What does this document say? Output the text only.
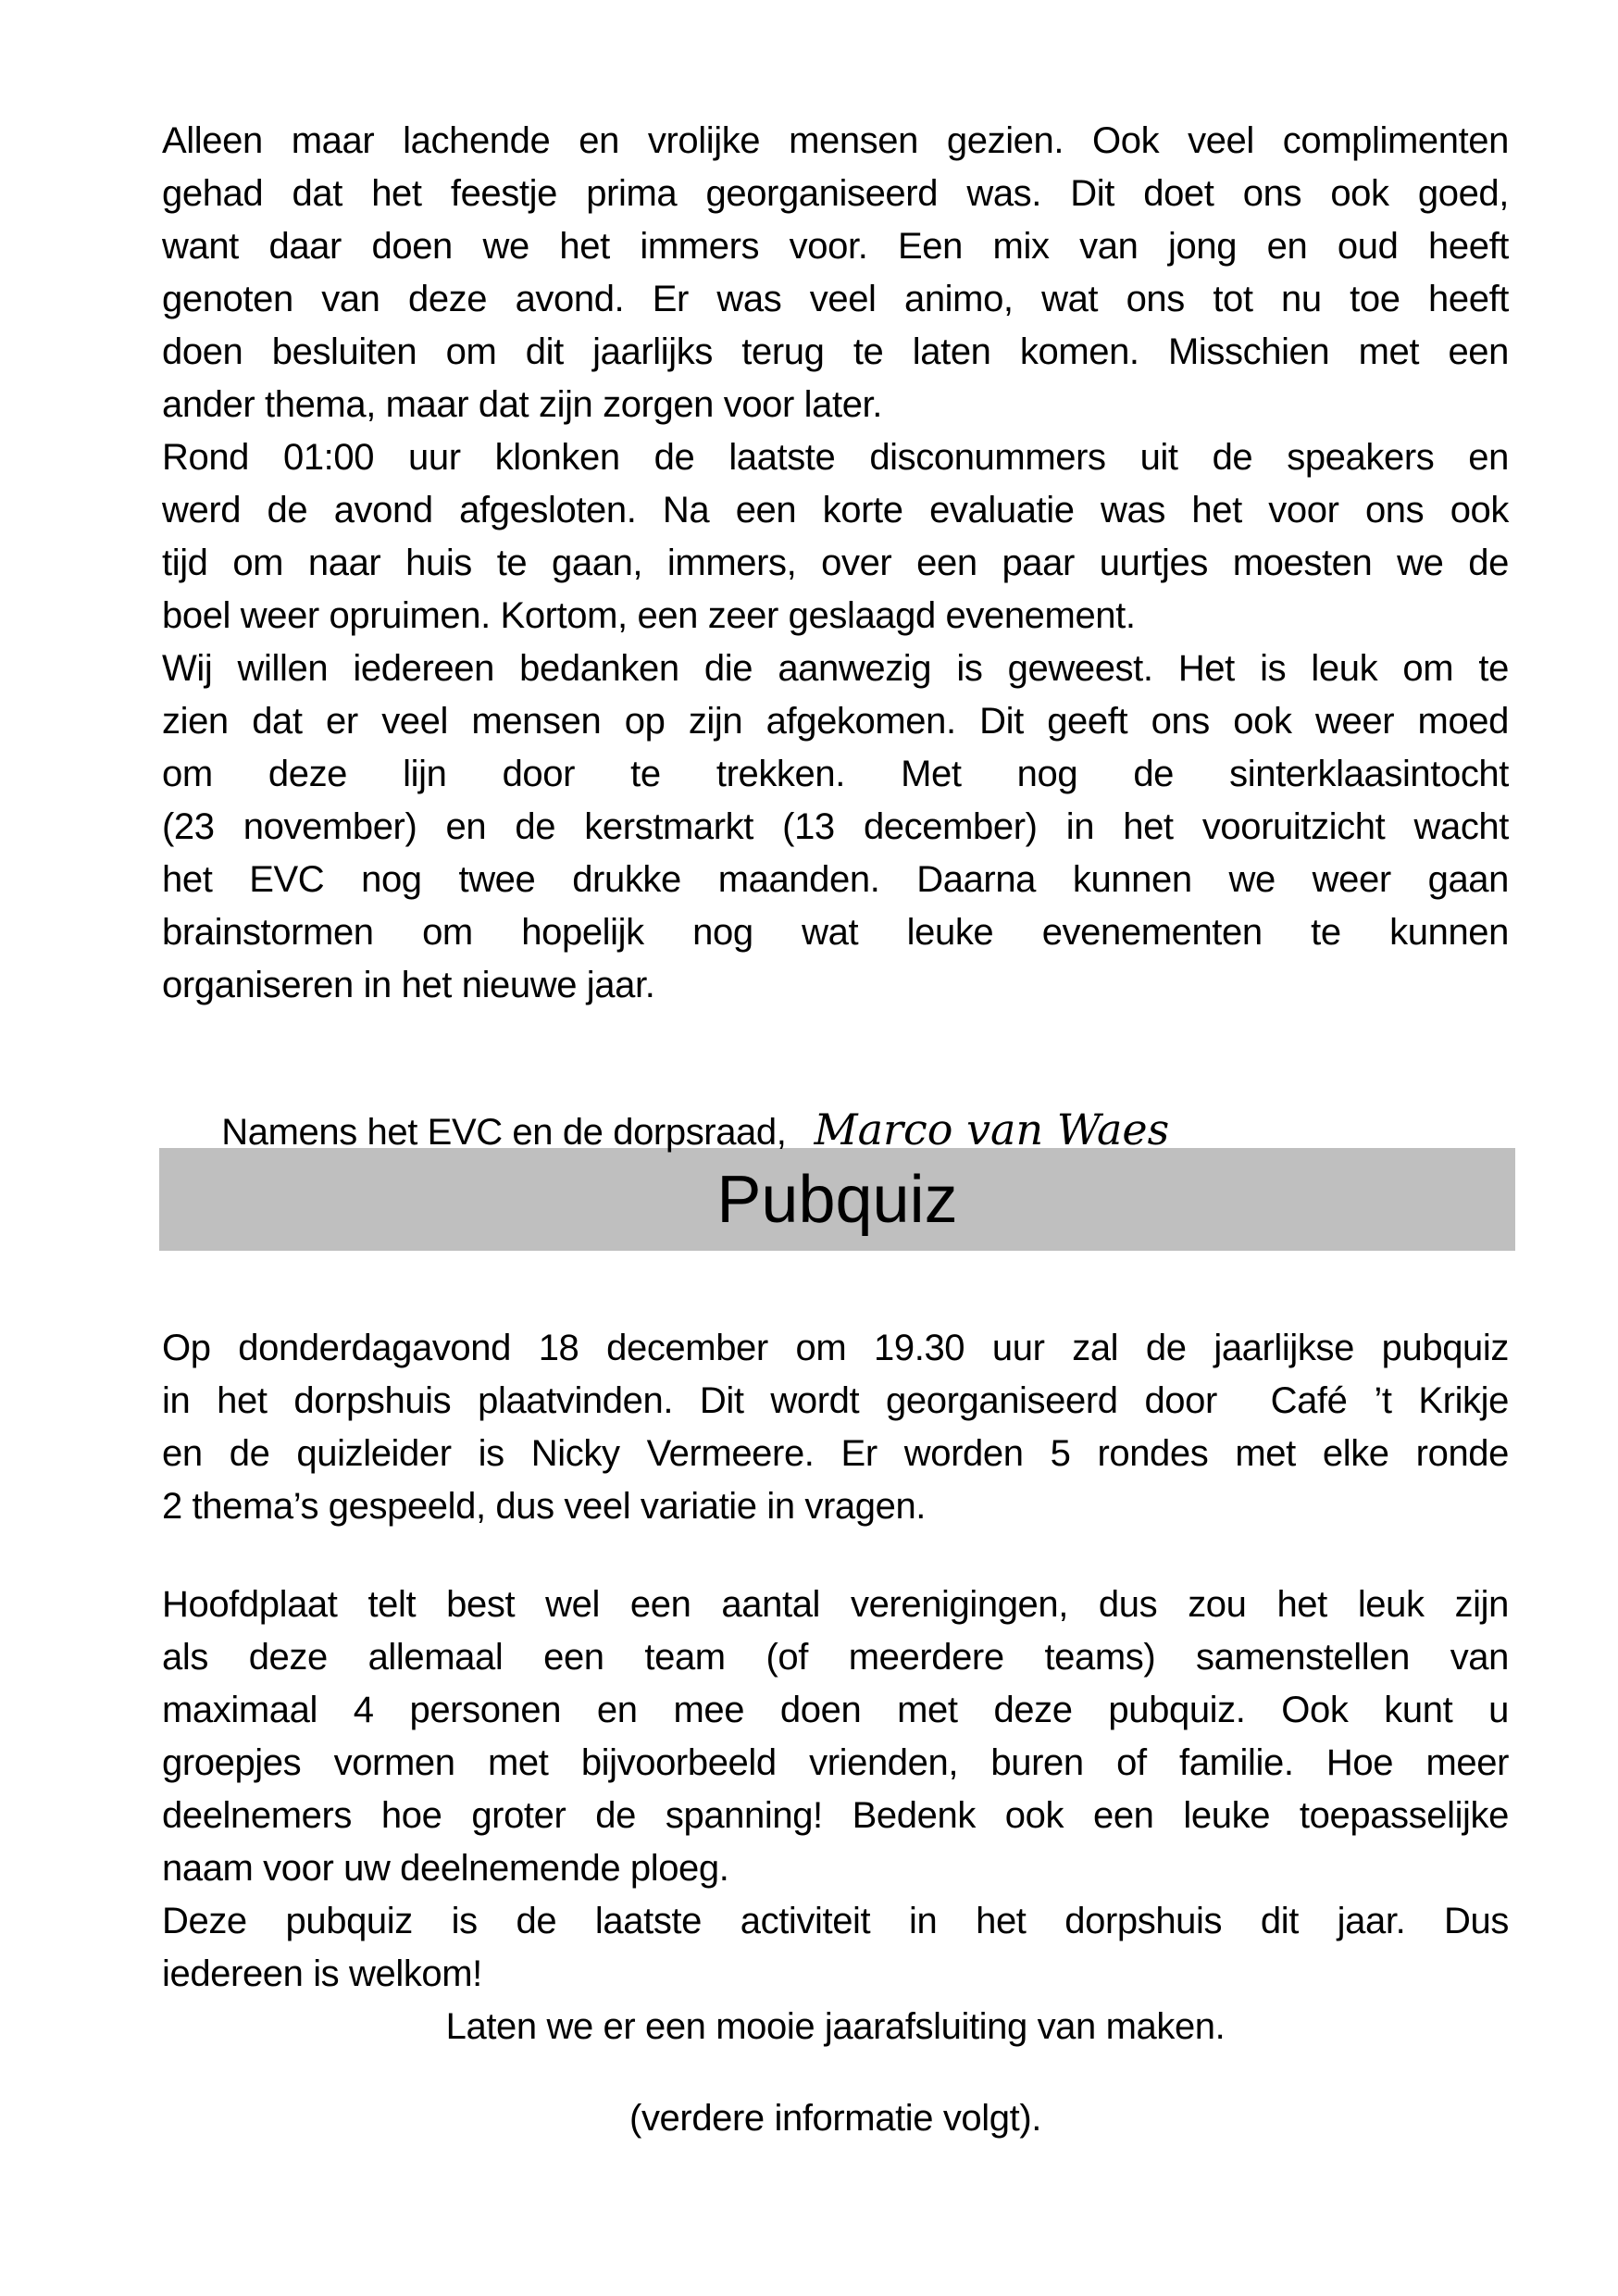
Alleen maar lachende en vrolijke mensen gezien. Ook veel complimenten
gehad dat het feestje prima georganiseerd was. Dit doet ons ook goed,
want daar doen we het immers voor. Een mix van jong en oud heeft
genoten van deze avond. Er was veel animo, wat ons tot nu toe heeft
doen besluiten om dit jaarlijks terug te laten komen. Misschien met een
ander thema, maar dat zijn zorgen voor later.
Rond 01:00 uur klonken de laatste disconummers uit de speakers en
werd de avond afgesloten. Na een korte evaluatie was het voor ons ook
tijd om naar huis te gaan, immers, over een paar uurtjes moesten we de
boel weer opruimen. Kortom, een zeer geslaagd evenement.
Wij willen iedereen bedanken die aanwezig is geweest. Het is leuk om te
zien dat er veel mensen op zijn afgekomen. Dit geeft ons ook weer moed
om deze lijn door te trekken. Met nog de sinterklaasintocht
(23 november) en de kerstmarkt (13 december) in het vooruitzicht wacht
het EVC nog twee drukke maanden. Daarna kunnen we weer gaan
brainstormen om hopelijk nog wat leuke evenementen te kunnen
organiseren in het nieuwe jaar.

Namens het EVC en de dorpsraad, Marco van Waes

Pubquiz
Op donderdagavond 18 december om 19.30 uur zal de jaarlijkse pubquiz
in het dorpshuis plaatvinden. Dit wordt georganiseerd door  Café ’t Krikje
en de quizleider is Nicky Vermeere. Er worden 5 rondes met elke ronde
2 thema’s gespeeld, dus veel variatie in vragen.
Hoofdplaat telt best wel een aantal verenigingen, dus zou het leuk zijn
als deze allemaal een team (of meerdere teams) samenstellen van
maximaal 4 personen en mee doen met deze pubquiz. Ook kunt u
groepjes vormen met bijvoorbeeld vrienden, buren of familie. Hoe meer
deelnemers hoe groter de spanning! Bedenk ook een leuke toepasselijke
naam voor uw deelnemende ploeg.
Deze pubquiz is de laatste activiteit in het dorpshuis dit jaar. Dus
iedereen is welkom!
Laten we er een mooie jaarafsluiting van maken.
(verdere informatie volgt).
